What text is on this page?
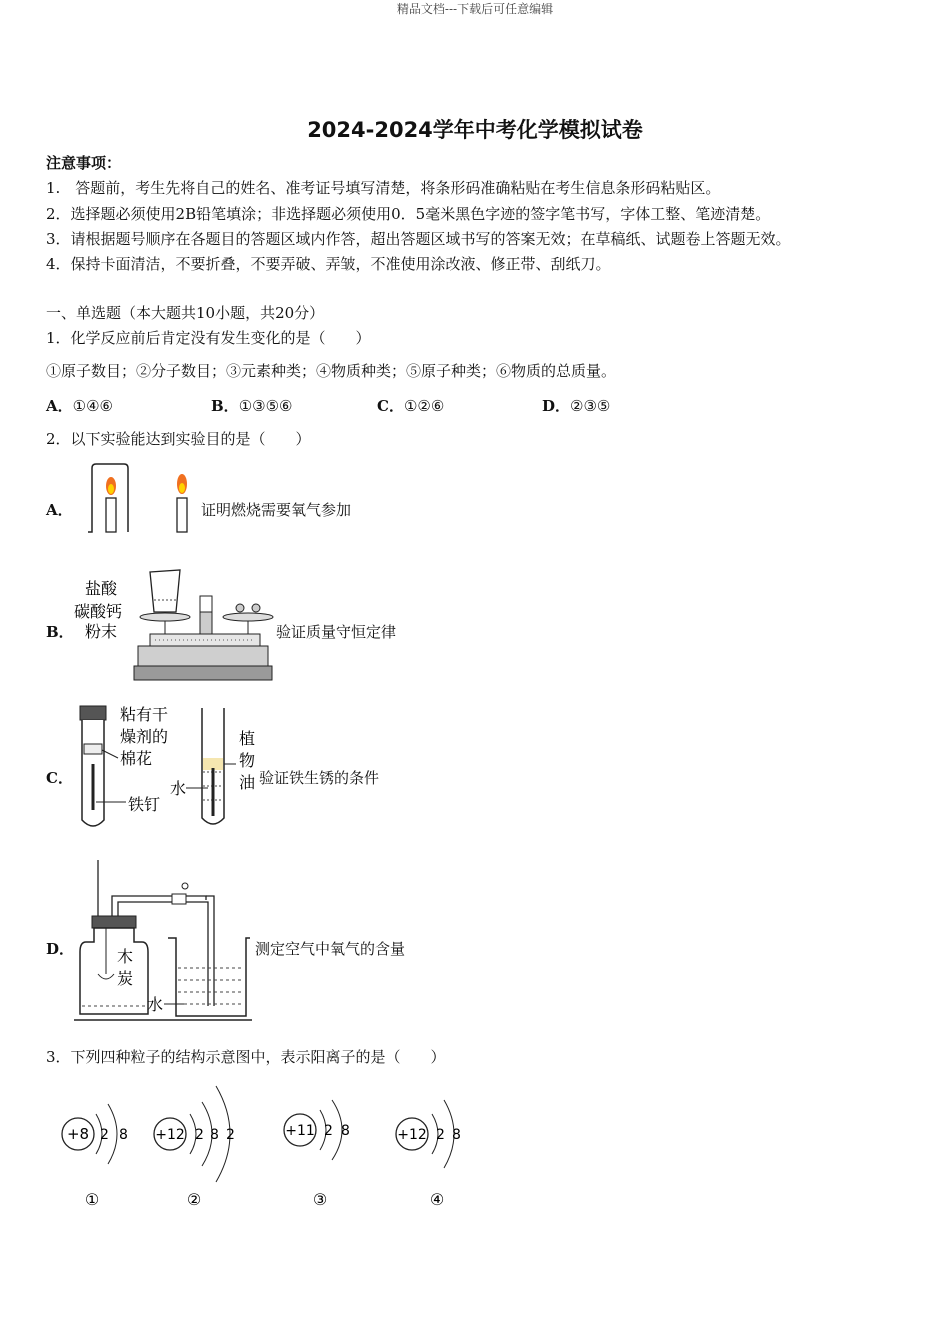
精品文档---下载后可任意编辑
2024-2024学年中考化学模拟试卷
注意事项：
1.　答题前，考生先将自己的姓名、准考证号填写清楚，将条形码准确粘贴在考生信息条形码粘贴区。
2．选择题必须使用2B铅笔填涂；非选择题必须使用0．5毫米黑色字迹的签字笔书写，字体工整、笔迹清楚。
3．请根据题号顺序在各题目的答题区域内作答，超出答题区域书写的答案无效；在草稿纸、试题卷上答题无效。
4．保持卡面清洁，不要折叠，不要弄破、弄皱，不准使用涂改液、修正带、刮纸刀。
一、单选题（本大题共10小题，共20分）
1．化学反应前后肯定没有发生变化的是（　　）
①原子数目；②分子数目；③元素种类；④物质种类；⑤原子种类；⑥物质的总质量。
A．①④⑥	B．①③⑤⑥	C．①②⑥	D．②③⑤
2．以下实验能达到实验目的是（　　）
A．	证明燃烧需要氧气参加
B．
盐酸
碳酸钙
粉末	验证质量守恒定律
C．
粘有干
燥剂的
棉花
铁钉
植
物
油
水
验证铁生锈的条件
D．	木
炭
水
测定空气中氧气的含量
3．下列四种粒子的结构示意图中，表示阳离子的是（　　）
+8 2 8
①
+12 2 8 2
②
+11 2 8
③
+12 2 8
④
